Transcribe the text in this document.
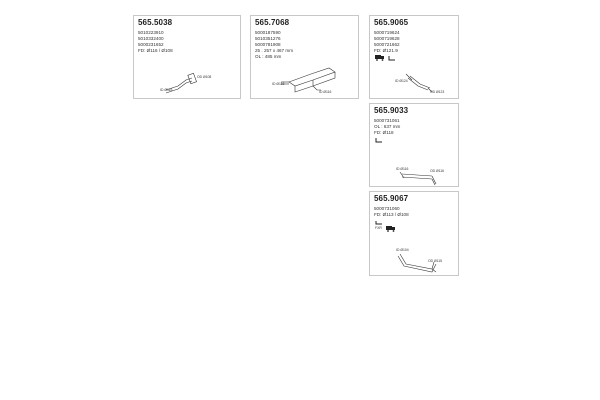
565.5038
5010223910
5010332400
5000231652
FD: Ø116 / Ø108
ID Ø116
OD Ø108
565.7068
5000187590
5010351276
5000781908
25 . 257 x 467 mm
OL : 485 mm
ID Ø116
ID Ø116
565.9065
5000719624
5000719628
5000721662
FD: Ø121.9
ID Ø124
OD Ø123
565.9033
5000731061
OL : 637 mm
FD: Ø118
ID Ø116	OD Ø116
565.9067
5000731060
FD: Ø113 / Ø108
FXR
ID Ø104
OD Ø115
